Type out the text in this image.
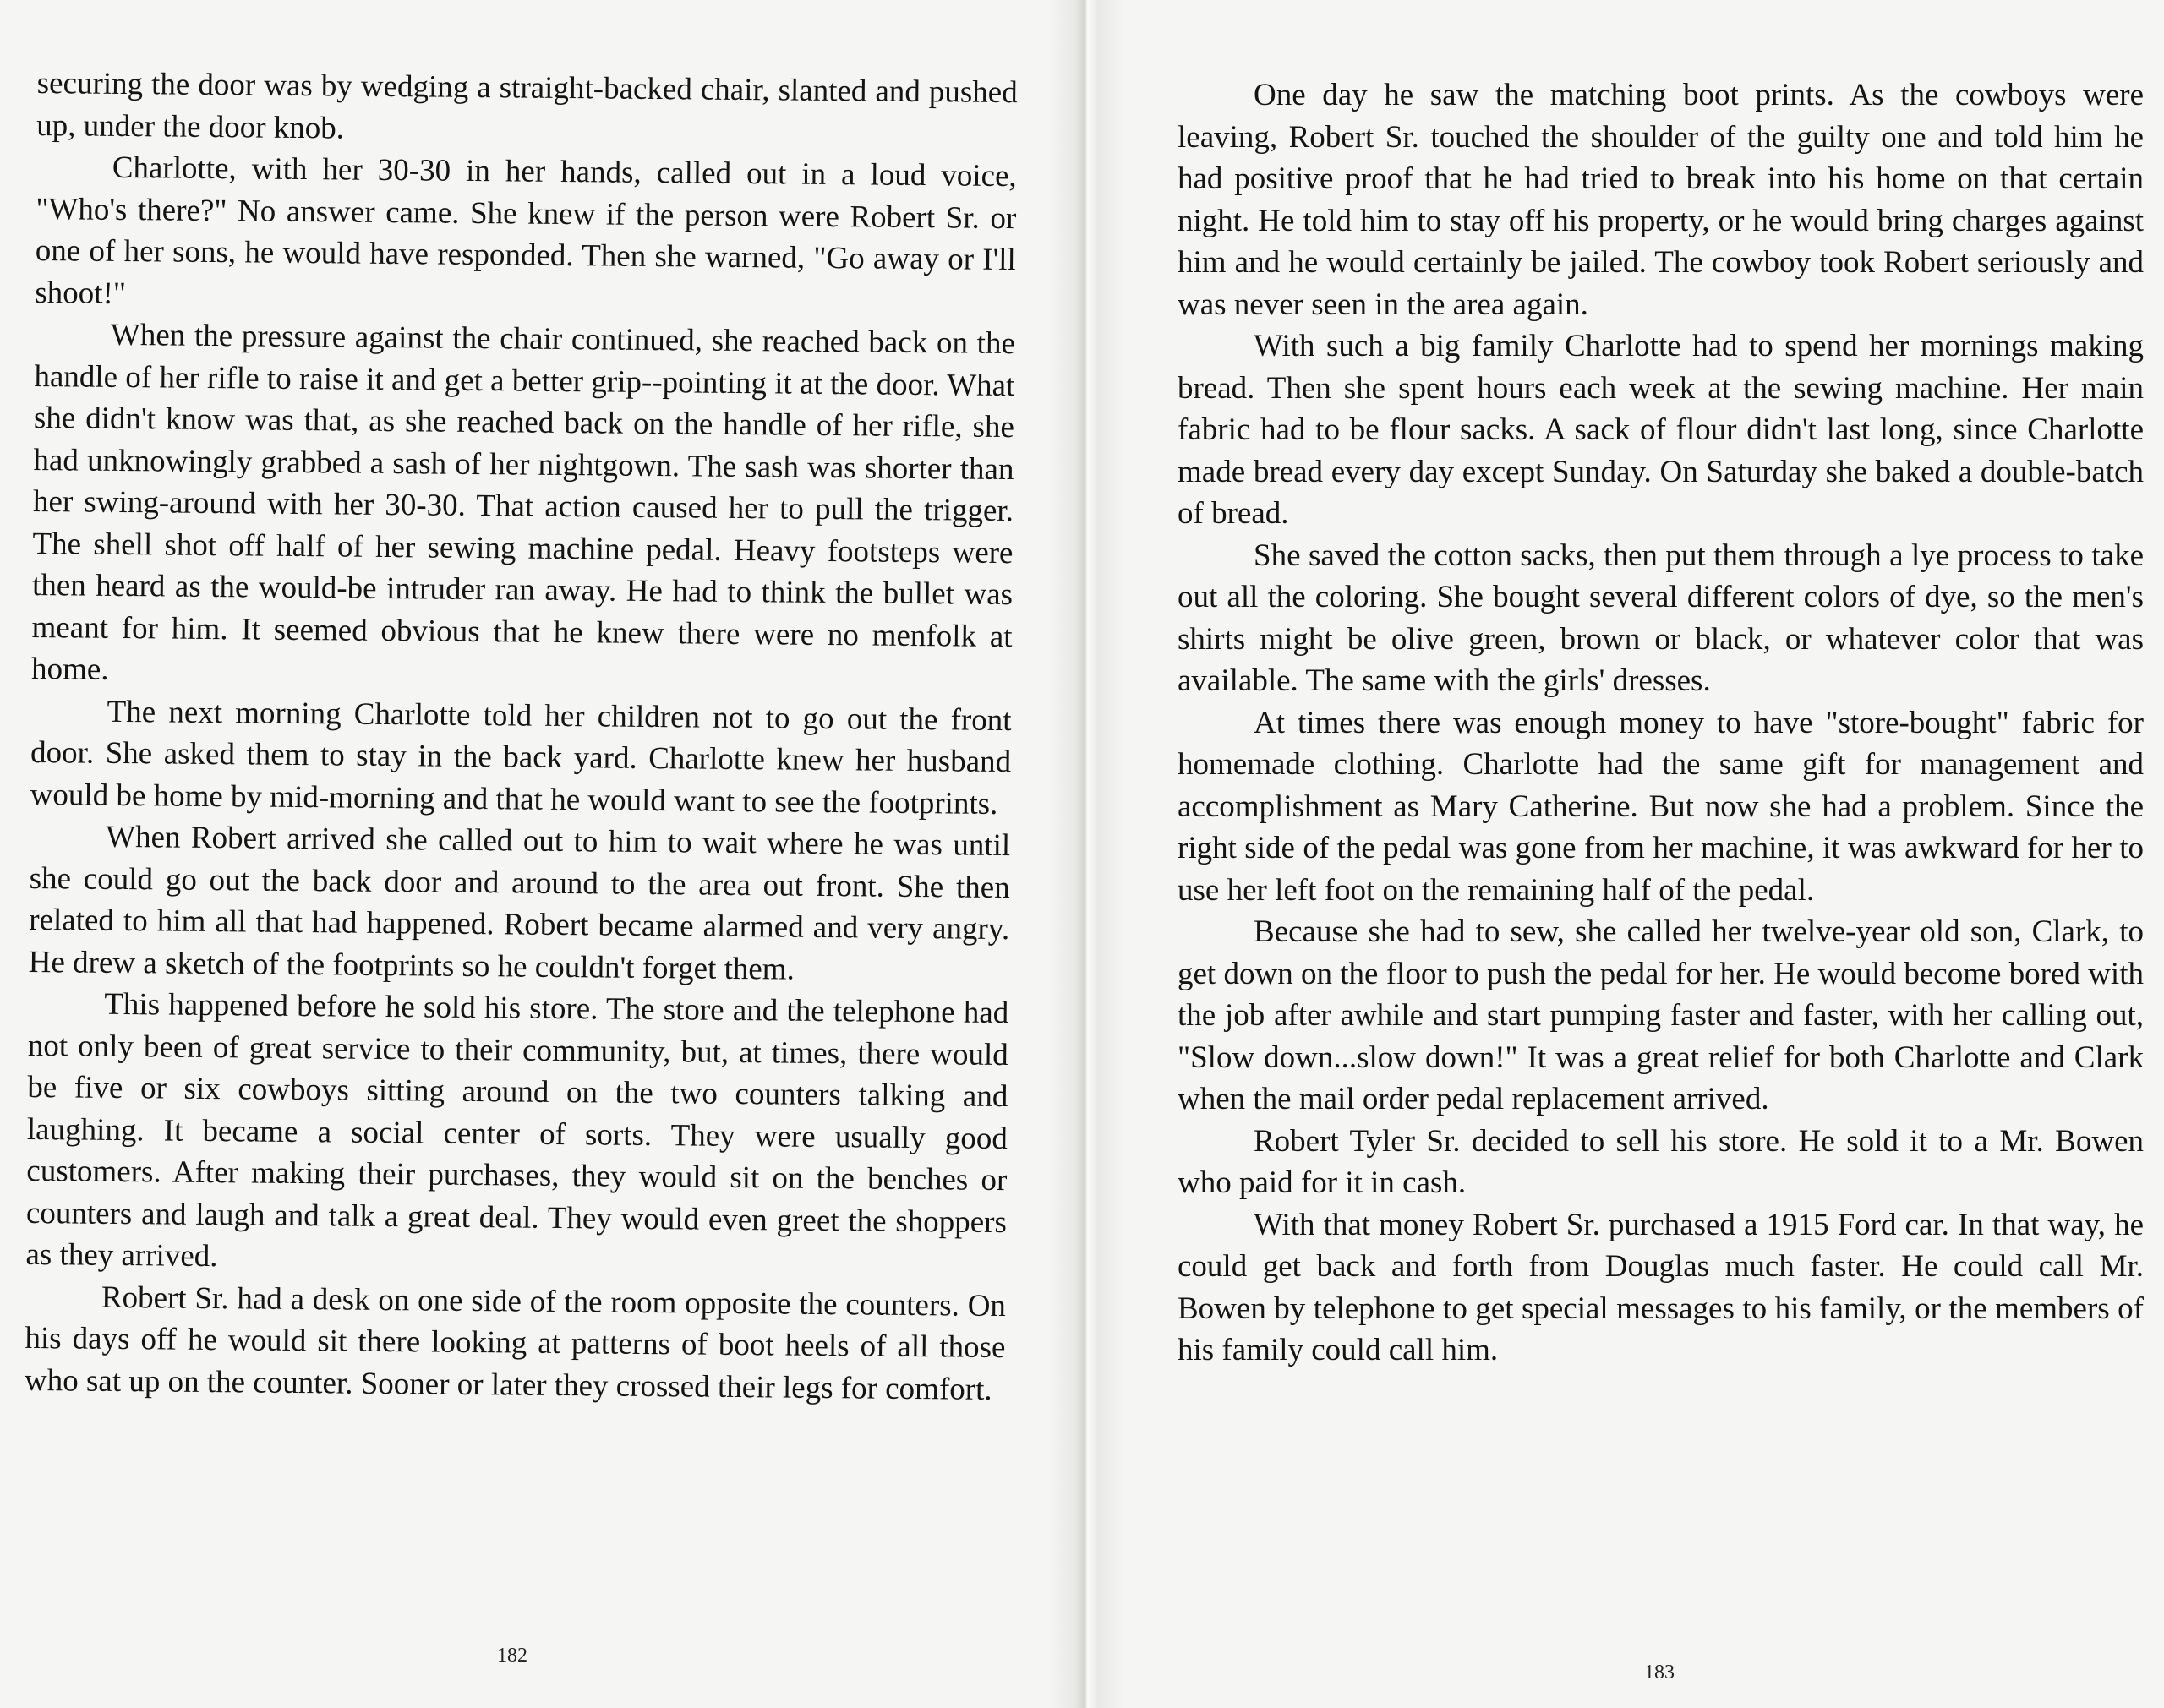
securing the door was by wedging a straight-backed chair, slanted and pushed up, under the door knob.

Charlotte, with her 30-30 in her hands, called out in a loud voice, "Who's there?" No answer came. She knew if the person were Robert Sr. or one of her sons, he would have responded. Then she warned, "Go away or I'll shoot!"

When the pressure against the chair continued, she reached back on the handle of her rifle to raise it and get a better grip--pointing it at the door. What she didn't know was that, as she reached back on the handle of her rifle, she had unknowingly grabbed a sash of her nightgown. The sash was shorter than her swing-around with her 30-30. That action caused her to pull the trigger. The shell shot off half of her sewing machine pedal. Heavy footsteps were then heard as the would-be intruder ran away. He had to think the bullet was meant for him. It seemed obvious that he knew there were no menfolk at home.

The next morning Charlotte told her children not to go out the front door. She asked them to stay in the back yard. Charlotte knew her husband would be home by mid-morning and that he would want to see the footprints.

When Robert arrived she called out to him to wait where he was until she could go out the back door and around to the area out front. She then related to him all that had happened. Robert became alarmed and very angry. He drew a sketch of the footprints so he couldn't forget them.

This happened before he sold his store. The store and the telephone had not only been of great service to their community, but, at times, there would be five or six cowboys sitting around on the two counters talking and laughing. It became a social center of sorts. They were usually good customers. After making their purchases, they would sit on the benches or counters and laugh and talk a great deal. They would even greet the shoppers as they arrived.

Robert Sr. had a desk on one side of the room opposite the counters. On his days off he would sit there looking at patterns of boot heels of all those who sat up on the counter. Sooner or later they crossed their legs for comfort.

182

One day he saw the matching boot prints. As the cowboys were leaving, Robert Sr. touched the shoulder of the guilty one and told him he had positive proof that he had tried to break into his home on that certain night. He told him to stay off his property, or he would bring charges against him and he would certainly be jailed. The cowboy took Robert seriously and was never seen in the area again.

With such a big family Charlotte had to spend her mornings making bread. Then she spent hours each week at the sewing machine. Her main fabric had to be flour sacks. A sack of flour didn't last long, since Charlotte made bread every day except Sunday. On Saturday she baked a double-batch of bread.

She saved the cotton sacks, then put them through a lye process to take out all the coloring. She bought several different colors of dye, so the men's shirts might be olive green, brown or black, or whatever color that was available. The same with the girls' dresses.

At times there was enough money to have "store-bought" fabric for homemade clothing. Charlotte had the same gift for management and accomplishment as Mary Catherine. But now she had a problem. Since the right side of the pedal was gone from her machine, it was awkward for her to use her left foot on the remaining half of the pedal.

Because she had to sew, she called her twelve-year old son, Clark, to get down on the floor to push the pedal for her. He would become bored with the job after awhile and start pumping faster and faster, with her calling out, "Slow down...slow down!" It was a great relief for both Charlotte and Clark when the mail order pedal replacement arrived.

Robert Tyler Sr. decided to sell his store. He sold it to a Mr. Bowen who paid for it in cash.

With that money Robert Sr. purchased a 1915 Ford car. In that way, he could get back and forth from Douglas much faster. He could call Mr. Bowen by telephone to get special messages to his family, or the members of his family could call him.

183
